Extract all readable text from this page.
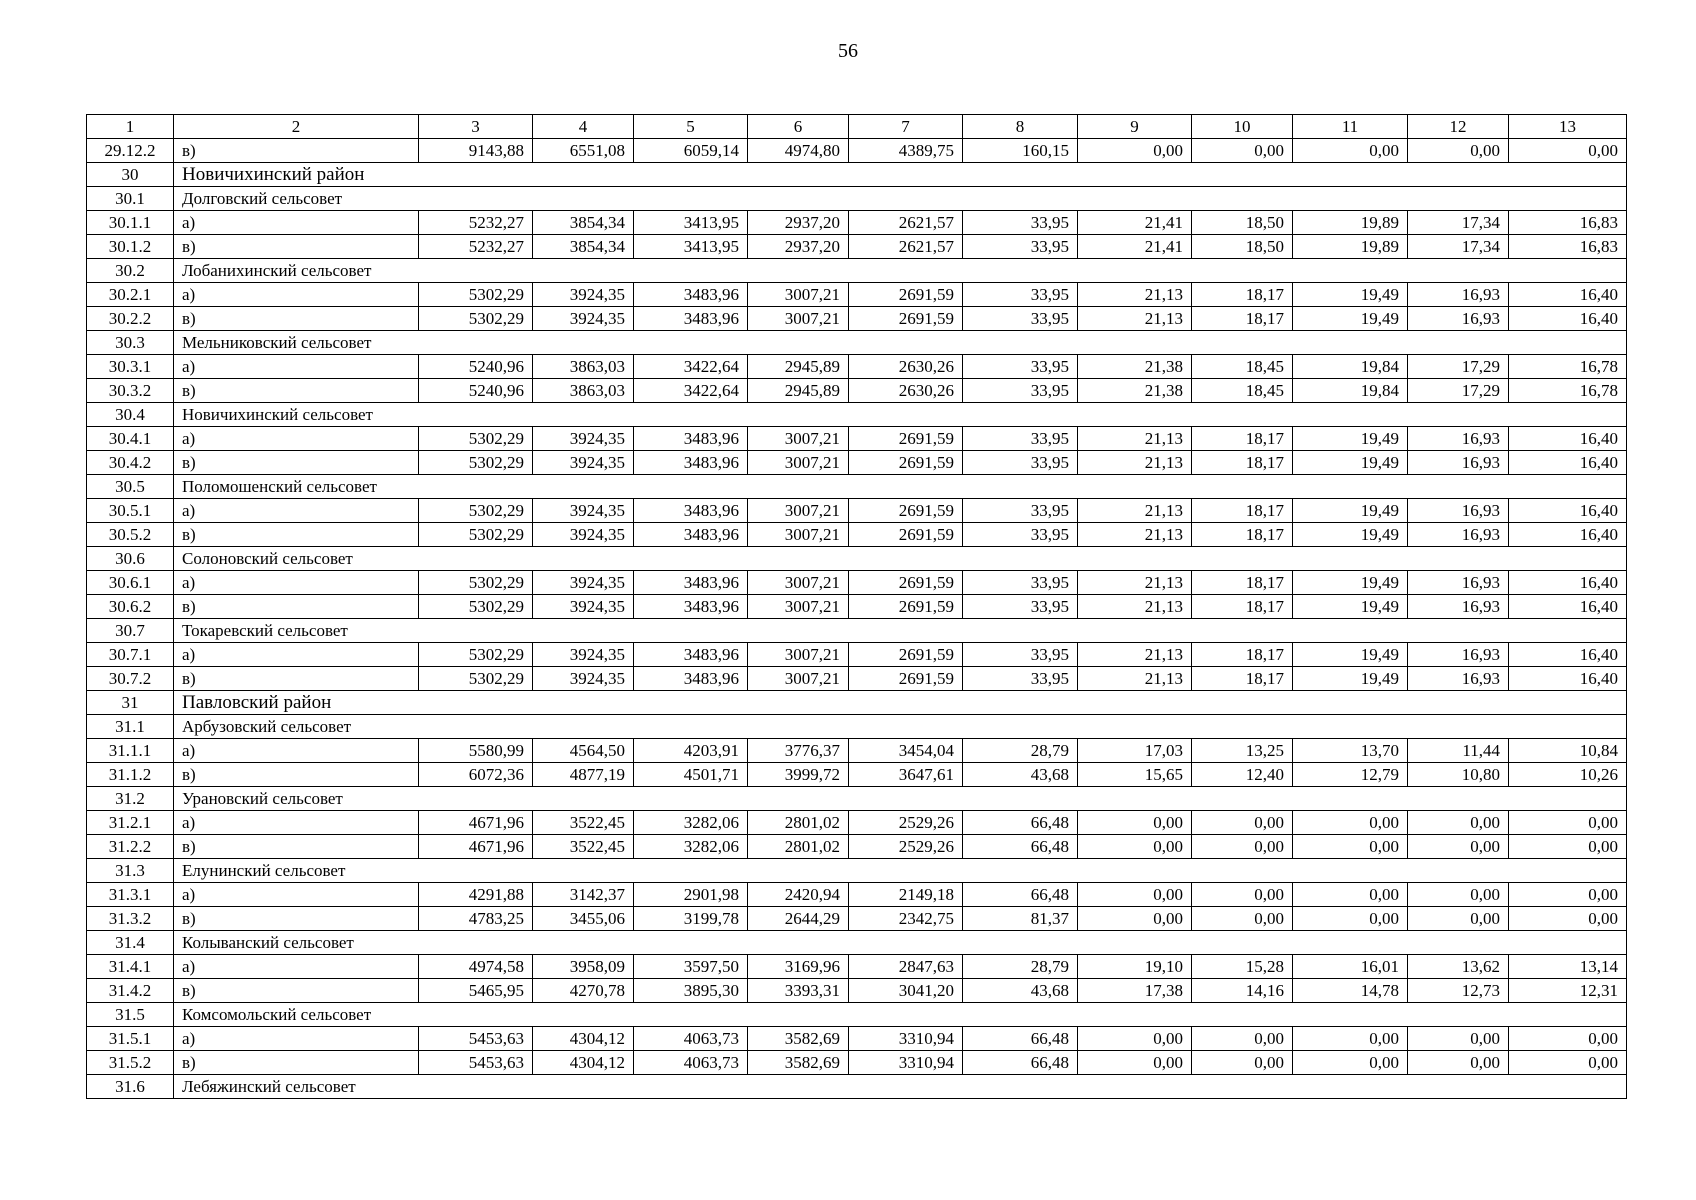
56
1	2	3	4	5	6	7	8	9	10	11	12	13
29.12.2	в)	9143,88	6551,08	6059,14	4974,80	4389,75	160,15	0,00	0,00	0,00	0,00	0,00
30	Новичихинский район											
30.1	Долговский сельсовет											
30.1.1	а)	5232,27	3854,34	3413,95	2937,20	2621,57	33,95	21,41	18,50	19,89	17,34	16,83
30.1.2	в)	5232,27	3854,34	3413,95	2937,20	2621,57	33,95	21,41	18,50	19,89	17,34	16,83
30.2	Лобанихинский сельсовет											
30.2.1	а)	5302,29	3924,35	3483,96	3007,21	2691,59	33,95	21,13	18,17	19,49	16,93	16,40
30.2.2	в)	5302,29	3924,35	3483,96	3007,21	2691,59	33,95	21,13	18,17	19,49	16,93	16,40
30.3	Мельниковский сельсовет											
30.3.1	а)	5240,96	3863,03	3422,64	2945,89	2630,26	33,95	21,38	18,45	19,84	17,29	16,78
30.3.2	в)	5240,96	3863,03	3422,64	2945,89	2630,26	33,95	21,38	18,45	19,84	17,29	16,78
30.4	Новичихинский сельсовет											
30.4.1	а)	5302,29	3924,35	3483,96	3007,21	2691,59	33,95	21,13	18,17	19,49	16,93	16,40
30.4.2	в)	5302,29	3924,35	3483,96	3007,21	2691,59	33,95	21,13	18,17	19,49	16,93	16,40
30.5	Поломошенский сельсовет											
30.5.1	а)	5302,29	3924,35	3483,96	3007,21	2691,59	33,95	21,13	18,17	19,49	16,93	16,40
30.5.2	в)	5302,29	3924,35	3483,96	3007,21	2691,59	33,95	21,13	18,17	19,49	16,93	16,40
30.6	Солоновский сельсовет											
30.6.1	а)	5302,29	3924,35	3483,96	3007,21	2691,59	33,95	21,13	18,17	19,49	16,93	16,40
30.6.2	в)	5302,29	3924,35	3483,96	3007,21	2691,59	33,95	21,13	18,17	19,49	16,93	16,40
30.7	Токаревский сельсовет											
30.7.1	а)	5302,29	3924,35	3483,96	3007,21	2691,59	33,95	21,13	18,17	19,49	16,93	16,40
30.7.2	в)	5302,29	3924,35	3483,96	3007,21	2691,59	33,95	21,13	18,17	19,49	16,93	16,40
31	Павловский район											
31.1	Арбузовский сельсовет											
31.1.1	а)	5580,99	4564,50	4203,91	3776,37	3454,04	28,79	17,03	13,25	13,70	11,44	10,84
31.1.2	в)	6072,36	4877,19	4501,71	3999,72	3647,61	43,68	15,65	12,40	12,79	10,80	10,26
31.2	Урановский сельсовет											
31.2.1	а)	4671,96	3522,45	3282,06	2801,02	2529,26	66,48	0,00	0,00	0,00	0,00	0,00
31.2.2	в)	4671,96	3522,45	3282,06	2801,02	2529,26	66,48	0,00	0,00	0,00	0,00	0,00
31.3	Елунинский сельсовет											
31.3.1	а)	4291,88	3142,37	2901,98	2420,94	2149,18	66,48	0,00	0,00	0,00	0,00	0,00
31.3.2	в)	4783,25	3455,06	3199,78	2644,29	2342,75	81,37	0,00	0,00	0,00	0,00	0,00
31.4	Колыванский сельсовет											
31.4.1	а)	4974,58	3958,09	3597,50	3169,96	2847,63	28,79	19,10	15,28	16,01	13,62	13,14
31.4.2	в)	5465,95	4270,78	3895,30	3393,31	3041,20	43,68	17,38	14,16	14,78	12,73	12,31
31.5	Комсомольский сельсовет											
31.5.1	а)	5453,63	4304,12	4063,73	3582,69	3310,94	66,48	0,00	0,00	0,00	0,00	0,00
31.5.2	в)	5453,63	4304,12	4063,73	3582,69	3310,94	66,48	0,00	0,00	0,00	0,00	0,00
31.6	Лебяжинский сельсовет											
